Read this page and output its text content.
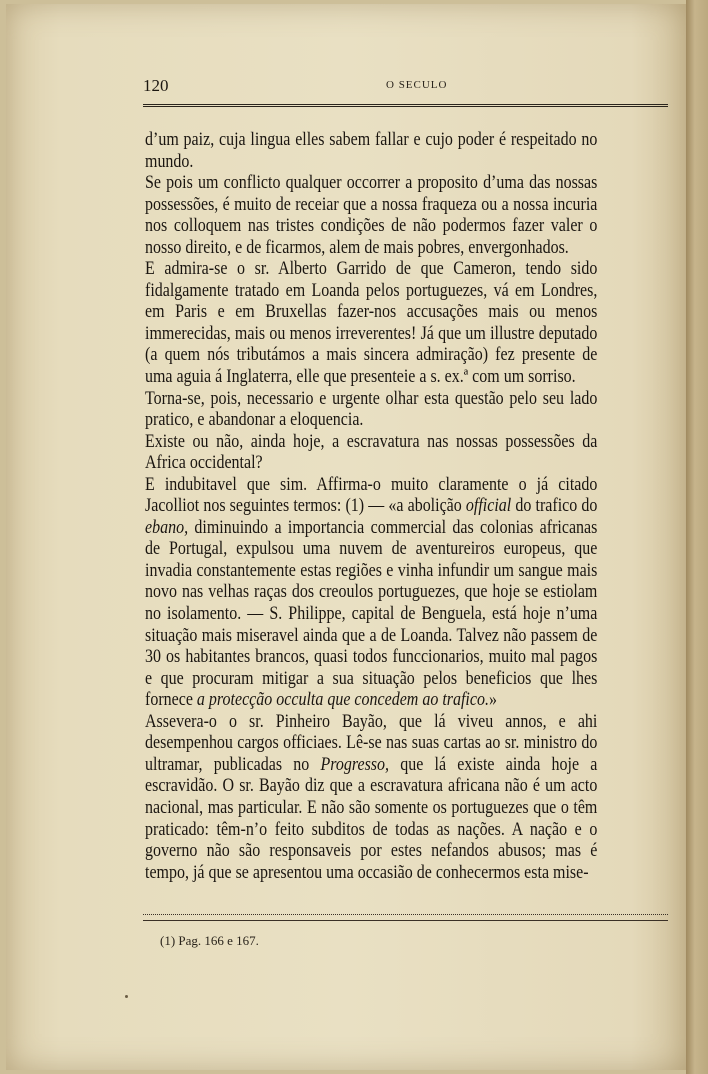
120	O SECULO

d’um paiz, cuja lingua elles sabem fallar e cujo poder é respeitado no mundo.
Se pois um conflicto qualquer occorrer a proposito d’uma das nossas possessões, é muito de receiar que a nossa fraqueza ou a nossa incuria nos colloquem nas tristes condições de não podermos fazer valer o nosso direito, e de ficarmos, alem de mais pobres, envergonhados.
E admira-se o sr. Alberto Garrido de que Cameron, tendo sido fidalgamente tratado em Loanda pelos portuguezes, vá em Londres, em Paris e em Bruxellas fazer-nos accusações mais ou menos immerecidas, mais ou menos irreverentes! Já que um illustre deputado (a quem nós tributámos a mais sincera admiração) fez presente de uma aguia á Inglaterra, elle que presenteie a s. ex.ª com um sorriso.
Torna-se, pois, necessario e urgente olhar esta questão pelo seu lado pratico, e abandonar a eloquencia.
Existe ou não, ainda hoje, a escravatura nas nossas possessões da Africa occidental?
E indubitavel que sim. Affirma-o muito claramente o já citado Jacolliot nos seguintes termos: (1) — «a abolição official do trafico do ebano, diminuindo a importancia commercial das colonias africanas de Portugal, expulsou uma nuvem de aventureiros europeus, que invadia constantemente estas regiões e vinha infundir um sangue mais novo nas velhas raças dos creoulos portuguezes, que hoje se estiolam no isolamento. — S. Philippe, capital de Benguela, está hoje n’uma situação mais miseravel ainda que a de Loanda. Talvez não passem de 30 os habitantes brancos, quasi todos funccionarios, muito mal pagos e que procuram mitigar a sua situação pelos beneficios que lhes fornece a protecção occulta que concedem ao trafico.»
Assevera-o o sr. Pinheiro Bayão, que lá viveu annos, e ahi desempenhou cargos officiaes. Lê-se nas suas cartas ao sr. ministro do ultramar, publicadas no Progresso, que lá existe ainda hoje a escravidão. O sr. Bayão diz que a escravatura africana não é um acto nacional, mas particular. E não são somente os portuguezes que o têm praticado: têm-n’o feito subditos de todas as nações. A nação e o governo não são responsaveis por estes nefandos abusos; mas é tempo, já que se apresentou uma occasião de conhecermos esta mise-

(1) Pag. 166 e 167.
